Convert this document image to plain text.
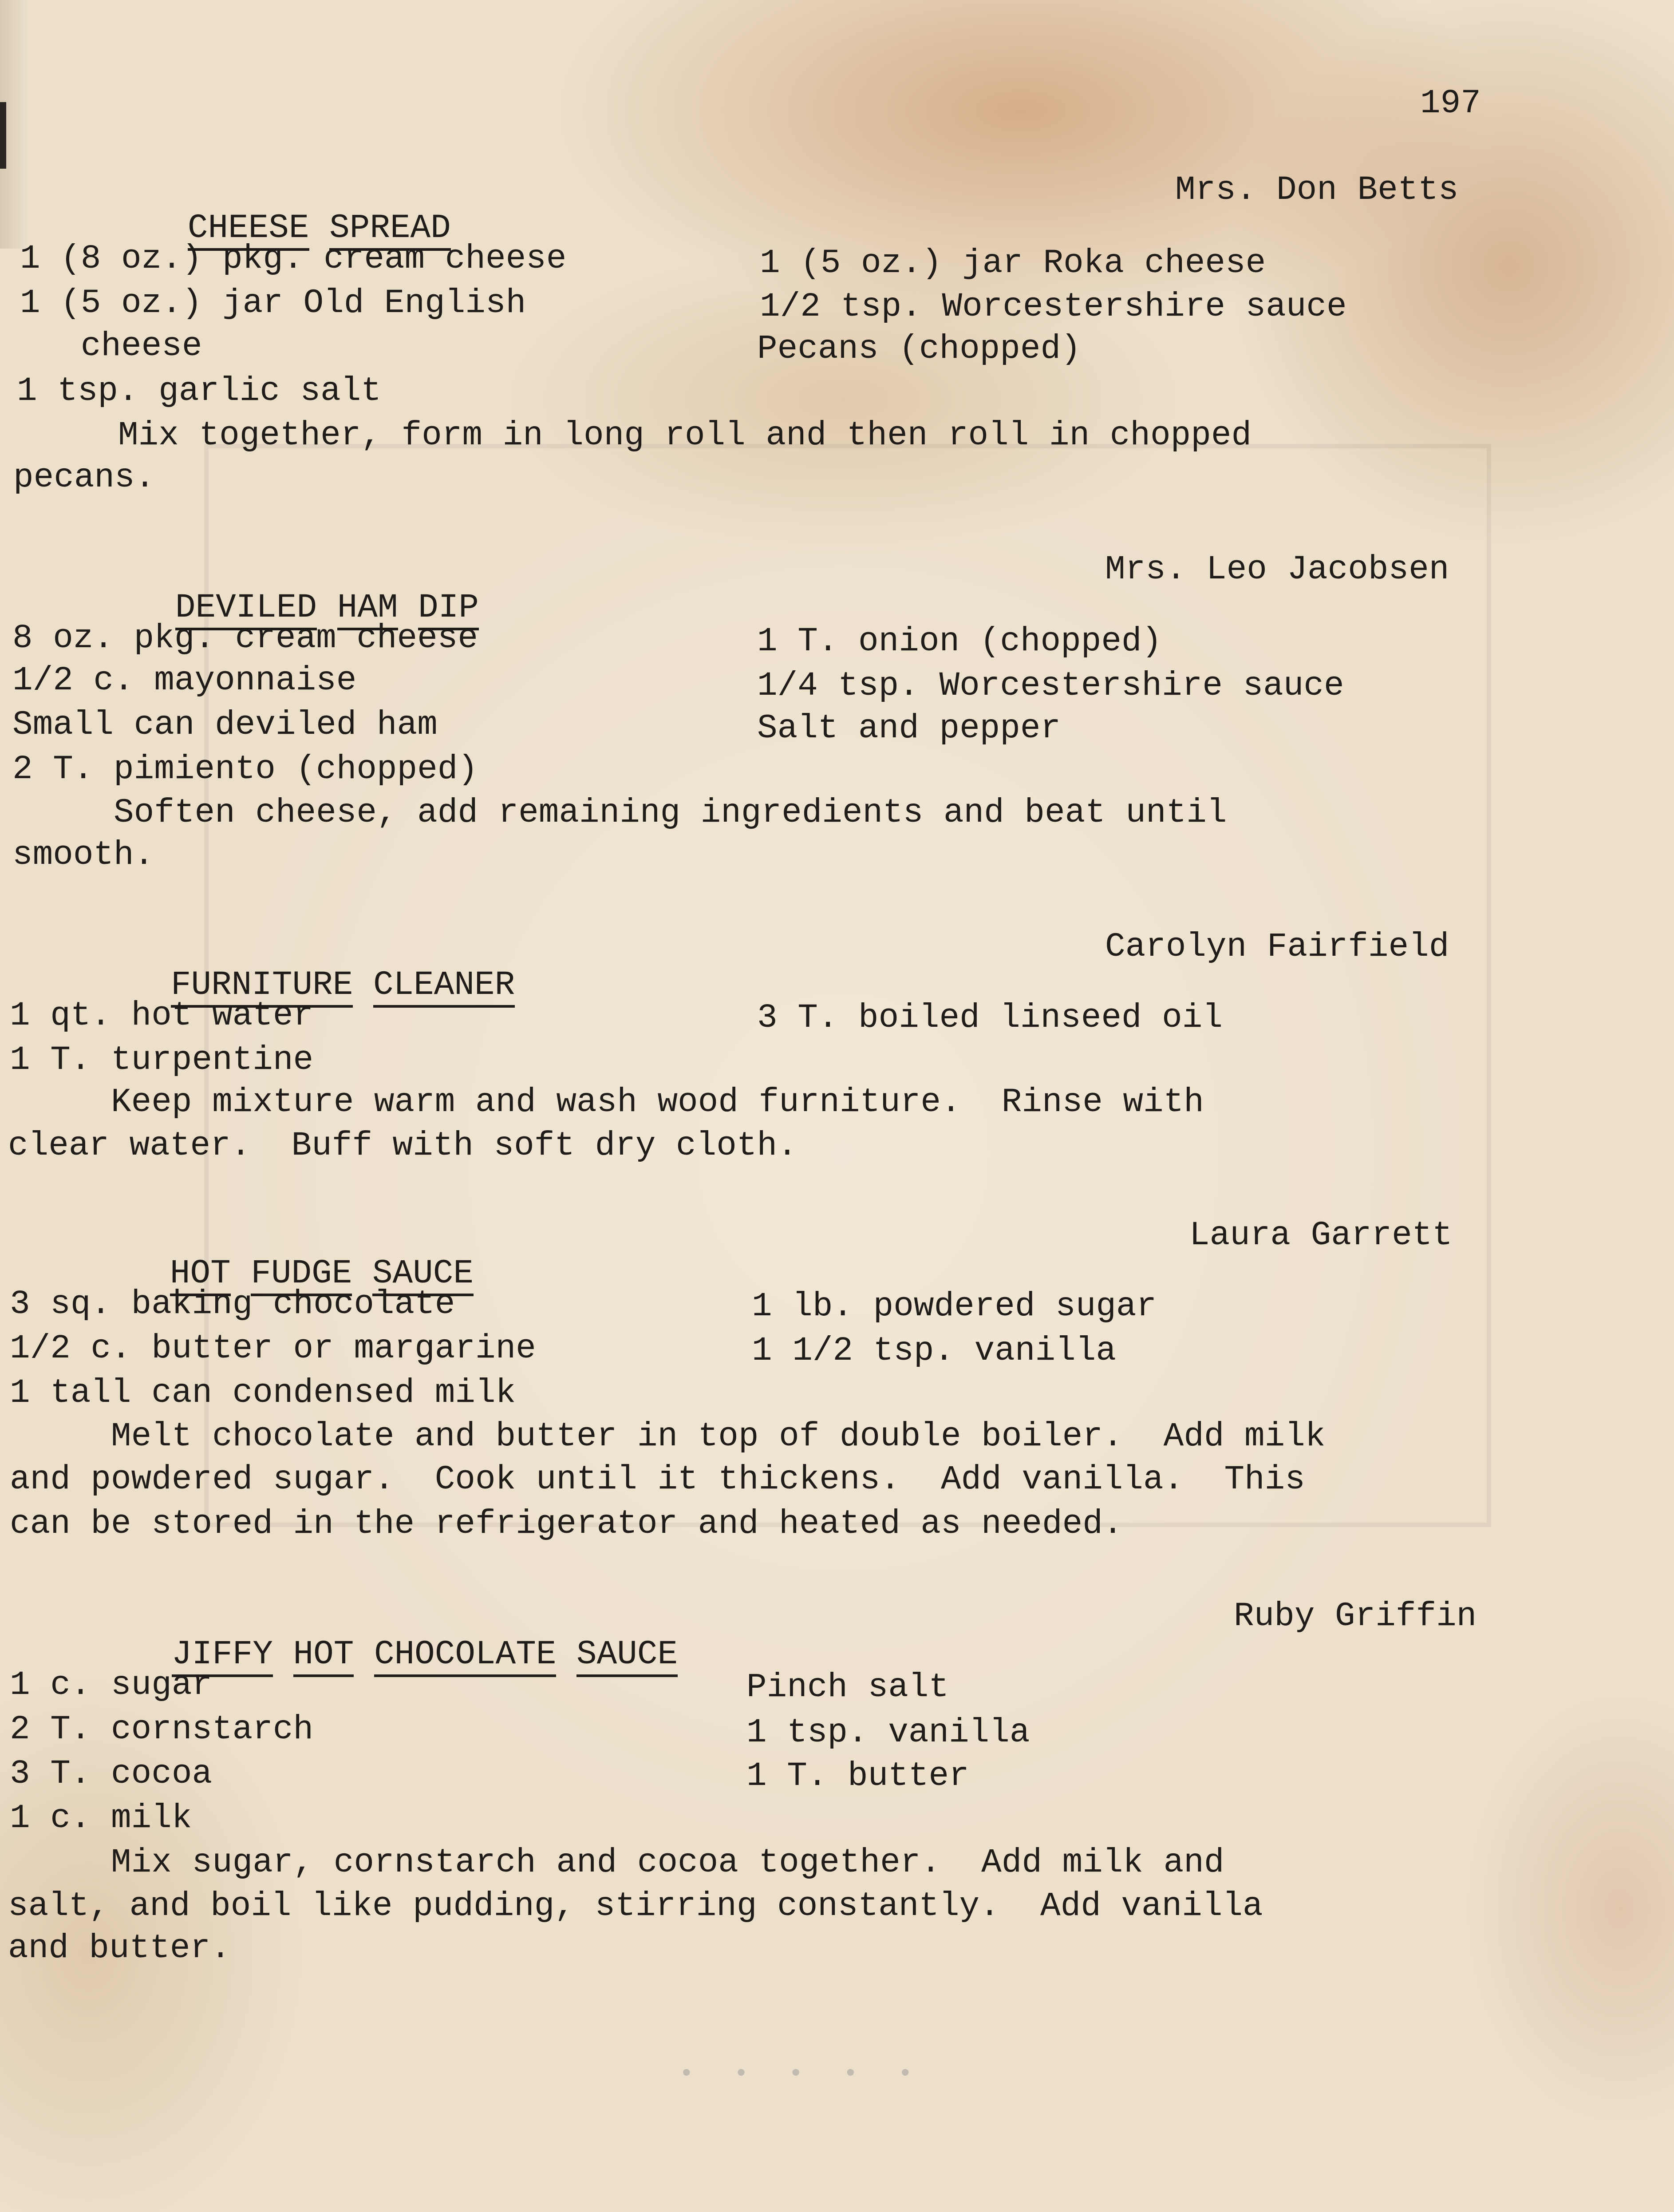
197

CHEESE SPREAD

Mrs. Don Betts
1 (8 oz.) pkg. cream cheese
1 (5 oz.) jar Old English
cheese
1 tsp. garlic salt
1 (5 oz.) jar Roka cheese
1/2 tsp. Worcestershire sauce
Pecans (chopped)
Mix together, form in long roll and then roll in chopped
pecans.

DEVILED HAM DIP

Mrs. Leo Jacobsen
8 oz. pkg. cream cheese
1/2 c. mayonnaise
Small can deviled ham
2 T. pimiento (chopped)
1 T. onion (chopped)
1/4 tsp. Worcestershire sauce
Salt and pepper
Soften cheese, add remaining ingredients and beat until
smooth.

FURNITURE CLEANER

Carolyn Fairfield
1 qt. hot water
1 T. turpentine
3 T. boiled linseed oil
Keep mixture warm and wash wood furniture.  Rinse with
clear water.  Buff with soft dry cloth.

HOT FUDGE SAUCE

Laura Garrett
3 sq. baking chocolate
1/2 c. butter or margarine
1 tall can condensed milk
1 lb. powdered sugar
1 1/2 tsp. vanilla
Melt chocolate and butter in top of double boiler.  Add milk
and powdered sugar.  Cook until it thickens.  Add vanilla.  This
can be stored in the refrigerator and heated as needed.

JIFFY HOT CHOCOLATE SAUCE

Ruby Griffin
1 c. sugar
2 T. cornstarch
3 T. cocoa
1 c. milk
Pinch salt
1 tsp. vanilla
1 T. butter
Mix sugar, cornstarch and cocoa together.  Add milk and
salt, and boil like pudding, stirring constantly.  Add vanilla
and butter.
• • • • •
